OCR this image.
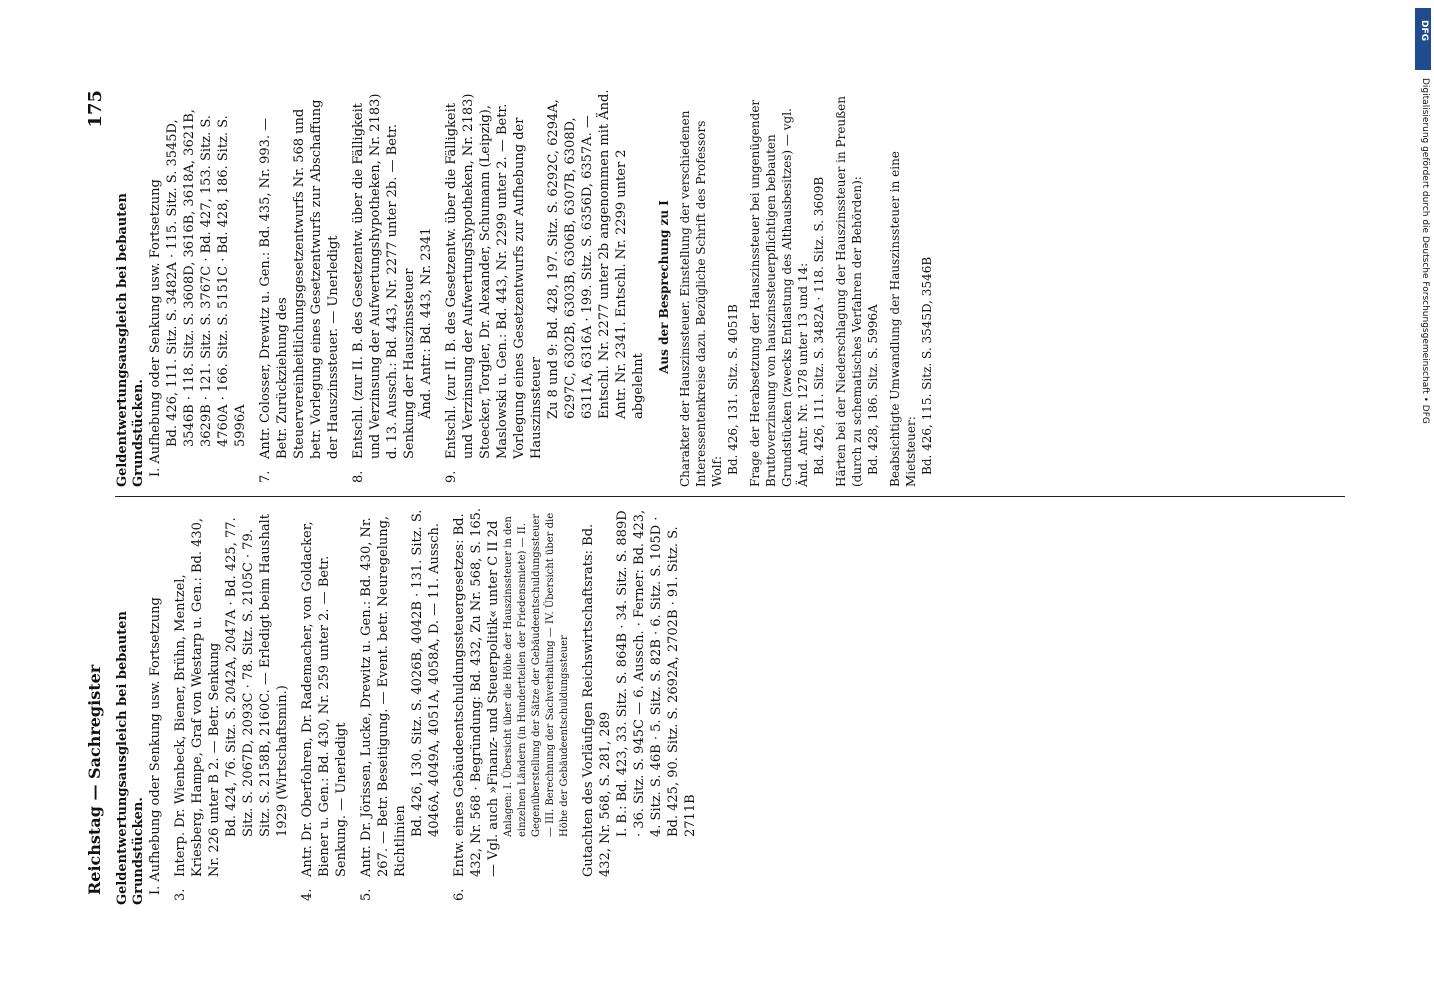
Reichstag — Sachregister
175
Geldentwertungsausgleich bei bebauten Grundstücken. I. Aufhebung oder Senkung usw. Fortsetzung 3.
Interp. Dr. Wienbeck, Biener, Brühn, Mentzel, Kriesberg, Hampe, Graf von Westarp u. Gen.: Bd. 430, Nr. 226 unter B 2. — Betr. Senkung Bd. 424, 76. Sitz. S. 2042A, 2047A · Bd. 425, 77. Sitz. S. 2067D, 2093C · 78. Sitz. S. 2105C · 79. Sitz. S. 2158B, 2160C. — Erledigt beim Haushalt 1929 (Wirtschaftsmin.)
4.
Antr. Dr. Oberfohren, Dr. Rademacher, von Goldacker, Biener u. Gen.: Bd. 430, Nr. 259 unter 2. — Betr. Senkung. — Unerledigt
5.
Antr. Dr. Jörissen, Lucke, Drewitz u. Gen.: Bd. 430, Nr. 267. — Betr. Beseitigung. — Event. betr. Neuregelung, Richtlinien
Bd. 426, 130. Sitz. S. 4026B, 4042B · 131. Sitz. S. 4046A, 4049A, 4051A, 4058A, D. — 11. Aussch.
6.
Entw. eines Gebäudeentschuldungssteuergesetzes: Bd. 432, Nr. 568 · Begründung: Bd. 432, Zu Nr. 568, S. 165. — Vgl. auch »Finanz- und Steuerpolitik« unter C II 2d Anlagen: I. Übersicht über die Höhe der Hauszinssteuer in den einzelnen Ländern (in Hundertteilen der Friedensmiete) — II. Gegenüberstellung der Sätze der Gebäudeentschuldungssteuer — III. Berechnung der Sachverhaltung — IV. Übersicht über die Höhe der Gebäudeentschuldungssteuer Gutachten des Vorläufigen Reichswirtschaftsrats: Bd. 432, Nr. 568, S. 281, 289 I. B.: Bd. 423, 33. Sitz. S. 864B · 34. Sitz. S. 889D · 36. Sitz. S. 945C — 6. Aussch. · Ferner: Bd. 423, 4. Sitz. S. 46B · 5. Sitz. S. 82B · 6. Sitz. S. 105D · Bd. 425, 90. Sitz. S. 2692A, 2702B · 91. Sitz. S. 2711B
Geldentwertungsausgleich bei bebauten Grundstücken. I. Aufhebung oder Senkung usw. Fortsetzung Bd. 426, 111. Sitz. S. 3482A · 115. Sitz. S. 3545D, 3546B · 118. Sitz. S. 3608D, 3616B, 3618A, 3621B, 3629B · 121. Sitz. S. 3767C · Bd. 427, 153. Sitz. S. 4760A · 166. Sitz. S. 5151C · Bd. 428, 186. Sitz. S. 5996A
7.
Antr. Colosser, Drewitz u. Gen.: Bd. 435, Nr. 993. — Betr. Zurückziehung des Steuervereinheitlichungsgesetzentwurfs Nr. 568 und betr. Vorlegung eines Gesetzentwurfs zur Abschaffung der Hauszinssteuer. — Unerledigt
8.
Entschl. (zur II. B. des Gesetzentw. über die Fälligkeit und Verzinsung der Aufwertungshypotheken, Nr. 2183) d. 13. Aussch.: Bd. 443, Nr. 2277 unter 2b. — Betr. Senkung der Hauszinssteuer Änd. Antr.: Bd. 443, Nr. 2341
9.
Entschl. (zur II. B. des Gesetzentw. über die Fälligkeit und Verzinsung der Aufwertungshypotheken, Nr. 2183) Stoecker, Torgler, Dr. Alexander, Schumann (Leipzig), Maslowski u. Gen.: Bd. 443, Nr. 2299 unter 2. — Betr. Vorlegung eines Gesetzentwurfs zur Aufhebung der Hauszinssteuer Zu 8 und 9: Bd. 428, 197. Sitz. S. 6292C, 6294A, 6297C, 6302B, 6303B, 6306B, 6307B, 6308D, 6311A, 6316A · 199. Sitz. S. 6356D, 6357A. — Entschl. Nr. 2277 unter 2b angenommen mit Änd. Antr. Nr. 2341. Entschl. Nr. 2299 unter 2 abgelehnt
Aus der Besprechung zu I Charakter der Hauszinssteuer. Einstellung der verschiedenen Interessentenkreise dazu. Bezügliche Schrift des Professors Wolf: Bd. 426, 131. Sitz. S. 4051B Frage der Herabsetzung der Hauszinssteuer bei ungenügender Bruttoverzinsung von hauszinssteuerpflichtigen bebauten Grundstücken (zwecks Entlastung des Althausbesitzes) — vgl. Änd. Antr. Nr. 1278 unter 13 und 14: Bd. 426, 111. Sitz. S. 3482A · 118. Sitz. S. 3609B Härten bei der Niederschlagung der Hauszinssteuer in Preußen (durch zu schematisches Verfahren der Behörden): Bd. 428, 186. Sitz. S. 5996A Beabsichtigte Umwandlung der Hauszinssteuer in eine Mietsteuer: Bd. 426, 115. Sitz. S. 3545D, 3546B
DFG
Digitalisierung gefördert durch die Deutsche Forschungsgemeinschaft • DFG
